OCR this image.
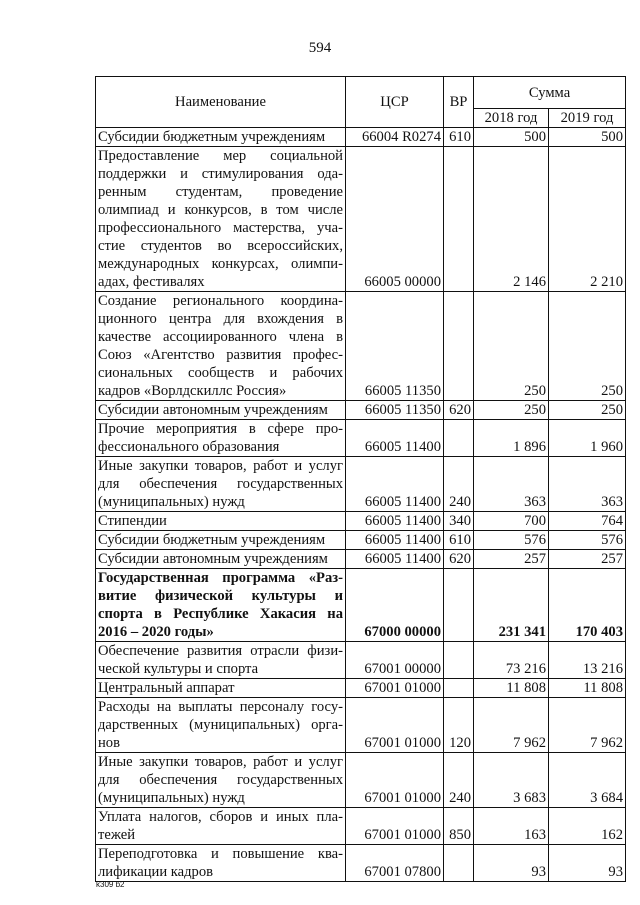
594
Наименование	ЦСР	ВР	Сумма	
			2018 год	2019 год
Субсидии бюджетным учреждениям	66004 R0274	610	500	500
Предоставление мер социальной поддержки и стимулирования одаренным студентам, проведение олимпиад и конкурсов, в том числе профессионального мастерства, участие студентов во всероссийских, международных конкурсах, олимпиадах, фестивалях	66005 00000		2 146	2 210
Создание регионального координационного центра для вхождения в качестве ассоциированного члена в Союз «Агентство развития профессиональных сообществ и рабочих кадров «Ворлдскиллс Россия»	66005 11350		250	250
Субсидии автономным учреждениям	66005 11350	620	250	250
Прочие мероприятия в сфере профессионального образования	66005 11400		1 896	1 960
Иные закупки товаров, работ и услуг для обеспечения государственных (муниципальных) нужд	66005 11400	240	363	363
Стипендии	66005 11400	340	700	764
Субсидии бюджетным учреждениям	66005 11400	610	576	576
Субсидии автономным учреждениям	66005 11400	620	257	257
Государственная программа «Развитие физической культуры и спорта в Республике Хакасия на 2016 – 2020 годы»	67000 00000		231 341	170 403
Обеспечение развития отрасли физической культуры и спорта	67001 00000		73 216	13 216
Центральный аппарат	67001 01000		11 808	11 808
Расходы на выплаты персоналу государственных (муниципальных) органов	67001 01000	120	7 962	7 962
Иные закупки товаров, работ и услуг для обеспечения государственных (муниципальных) нужд	67001 01000	240	3 683	3 684
Уплата налогов, сборов и иных платежей	67001 01000	850	163	162
Переподготовка и повышение квалификации кадров	67001 07800		93	93
k309 b2
